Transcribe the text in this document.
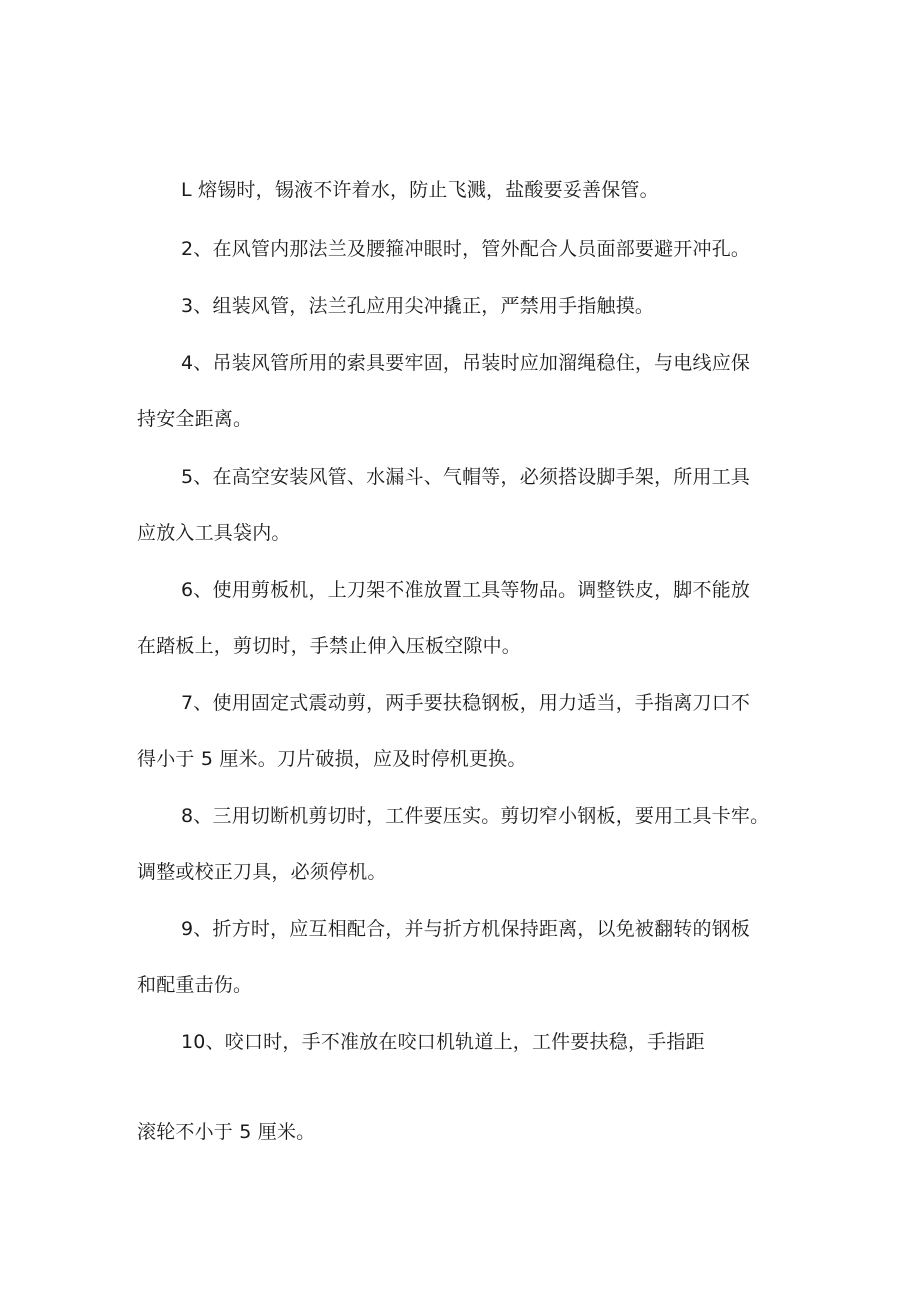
L 熔锡时，锡液不许着水，防止飞溅，盐酸要妥善保管。

2、在风管内那法兰及腰箍冲眼时，管外配合人员面部要避开冲孔。

3、组装风管，法兰孔应用尖冲撬正，严禁用手指触摸。

4、吊装风管所用的索具要牢固，吊装时应加溜绳稳住，与电线应保

持安全距离。

5、在高空安装风管、水漏斗、气帽等，必须搭设脚手架，所用工具

应放入工具袋内。

6、使用剪板机，上刀架不准放置工具等物品。调整铁皮，脚不能放

在踏板上，剪切时，手禁止伸入压板空隙中。

7、使用固定式震动剪，两手要扶稳钢板，用力适当，手指离刀口不

得小于 5 厘米。刀片破损，应及时停机更换。

8、三用切断机剪切时，工件要压实。剪切窄小钢板，要用工具卡牢。

调整或校正刀具，必须停机。

9、折方时，应互相配合，并与折方机保持距离，以免被翻转的钢板

和配重击伤。

10、咬口时，手不准放在咬口机轨道上，工件要扶稳，手指距

滚轮不小于 5 厘米。
